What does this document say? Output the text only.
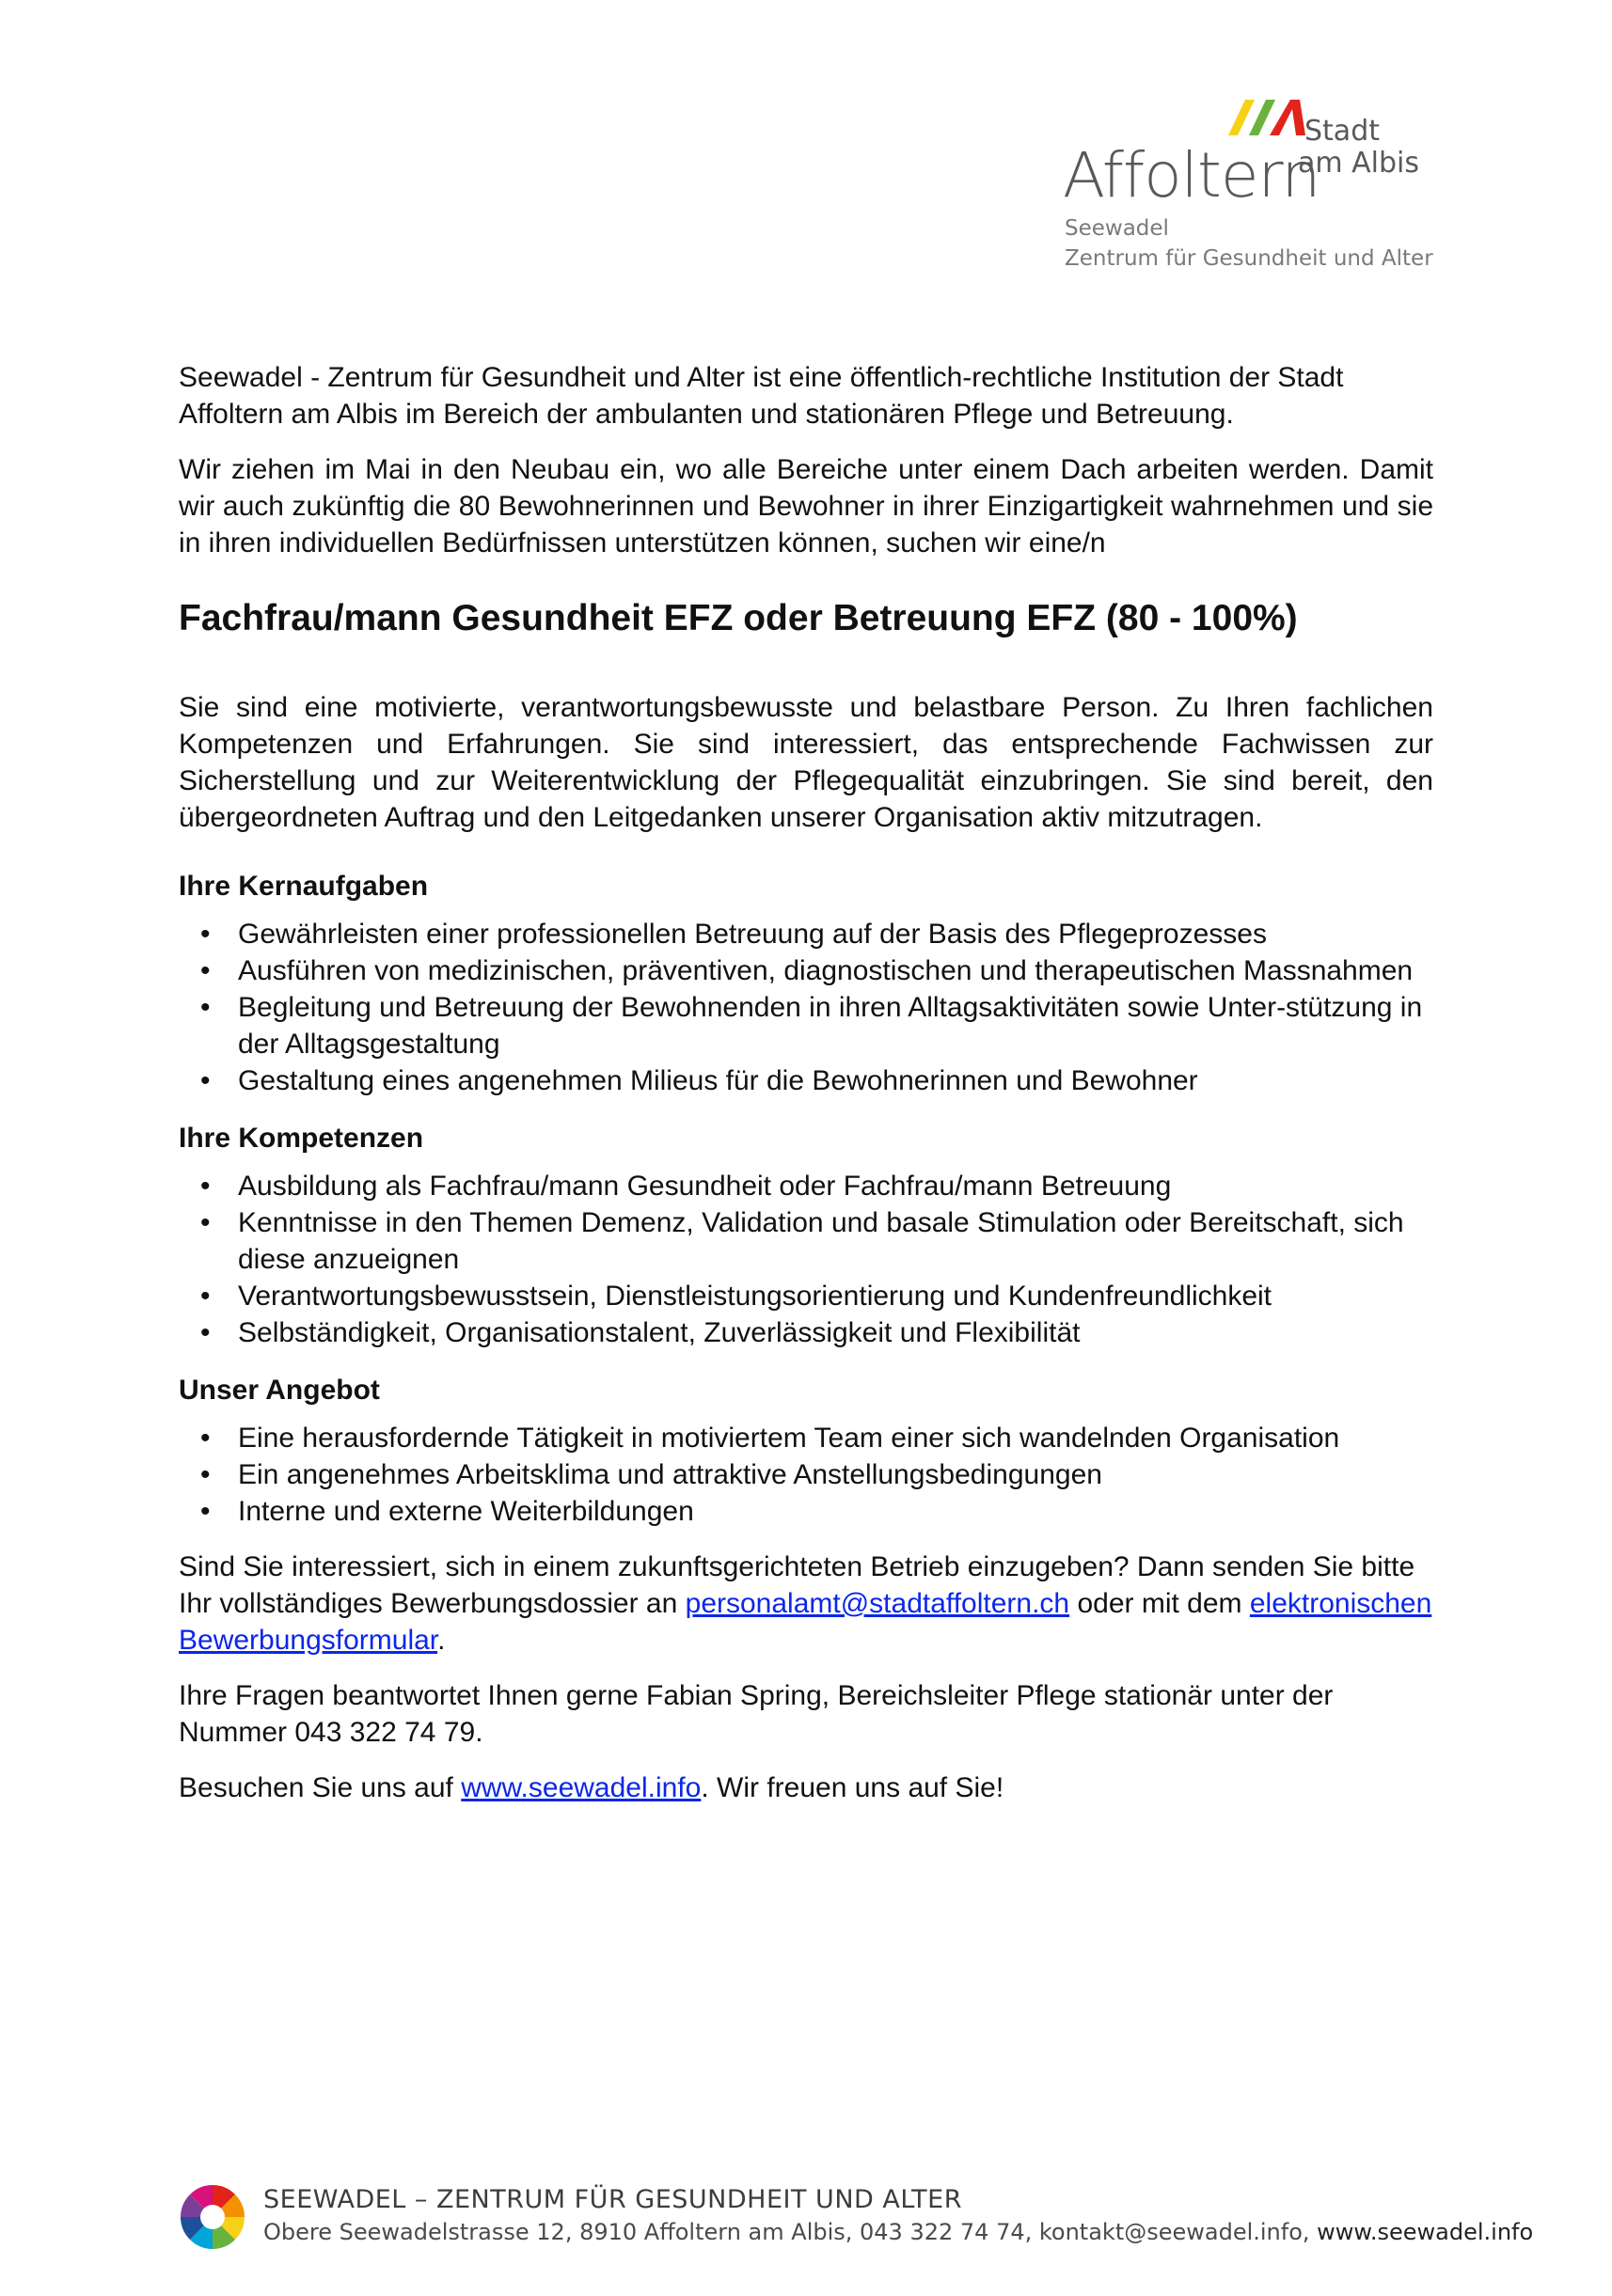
Stadt
Affoltern
am Albis
Seewadel
Zentrum für Gesundheit und Alter

Seewadel - Zentrum für Gesundheit und Alter ist eine öffentlich-rechtliche Institution der Stadt Affoltern am Albis im Bereich der ambulanten und stationären Pflege und Betreuung.

Wir ziehen im Mai in den Neubau ein, wo alle Bereiche unter einem Dach arbeiten werden. Damit wir auch zukünftig die 80 Bewohnerinnen und Bewohner in ihrer Einzigartigkeit wahrnehmen und sie in ihren individuellen Bedürfnissen unterstützen können, suchen wir eine/n

Fachfrau/mann Gesundheit EFZ oder Betreuung EFZ (80 - 100%)

Sie sind eine motivierte, verantwortungsbewusste und belastbare Person. Zu Ihren fachlichen Kompetenzen und Erfahrungen. Sie sind interessiert, das entsprechende Fachwissen zur Sicherstellung und zur Weiterentwicklung der Pflegequalität einzubringen. Sie sind bereit, den übergeordneten Auftrag und den Leitgedanken unserer Organisation aktiv mitzutragen.

Ihre Kernaufgaben
• Gewährleisten einer professionellen Betreuung auf der Basis des Pflegeprozesses
• Ausführen von medizinischen, präventiven, diagnostischen und therapeutischen Massnahmen
• Begleitung und Betreuung der Bewohnenden in ihren Alltagsaktivitäten sowie Unter-stützung in der Alltagsgestaltung
• Gestaltung eines angenehmen Milieus für die Bewohnerinnen und Bewohner
Ihre Kompetenzen
• Ausbildung als Fachfrau/mann Gesundheit oder Fachfrau/mann Betreuung
• Kenntnisse in den Themen Demenz, Validation und basale Stimulation oder Bereitschaft, sich diese anzueignen
• Verantwortungsbewusstsein, Dienstleistungsorientierung und Kundenfreundlichkeit
• Selbständigkeit, Organisationstalent, Zuverlässigkeit und Flexibilität
Unser Angebot
• Eine herausfordernde Tätigkeit in motiviertem Team einer sich wandelnden Organisation
• Ein angenehmes Arbeitsklima und attraktive Anstellungsbedingungen
• Interne und externe Weiterbildungen

Sind Sie interessiert, sich in einem zukunftsgerichteten Betrieb einzugeben? Dann senden Sie bitte Ihr vollständiges Bewerbungsdossier an personalamt@stadtaffoltern.ch oder mit dem elektronischen Bewerbungsformular.

Ihre Fragen beantwortet Ihnen gerne Fabian Spring, Bereichsleiter Pflege stationär unter der Nummer 043 322 74 79.

Besuchen Sie uns auf www.seewadel.info. Wir freuen uns auf Sie!

SEEWADEL – ZENTRUM FÜR GESUNDHEIT UND ALTER
Obere Seewadelstrasse 12, 8910 Affoltern am Albis, 043 322 74 74, kontakt@seewadel.info, www.seewadel.info
